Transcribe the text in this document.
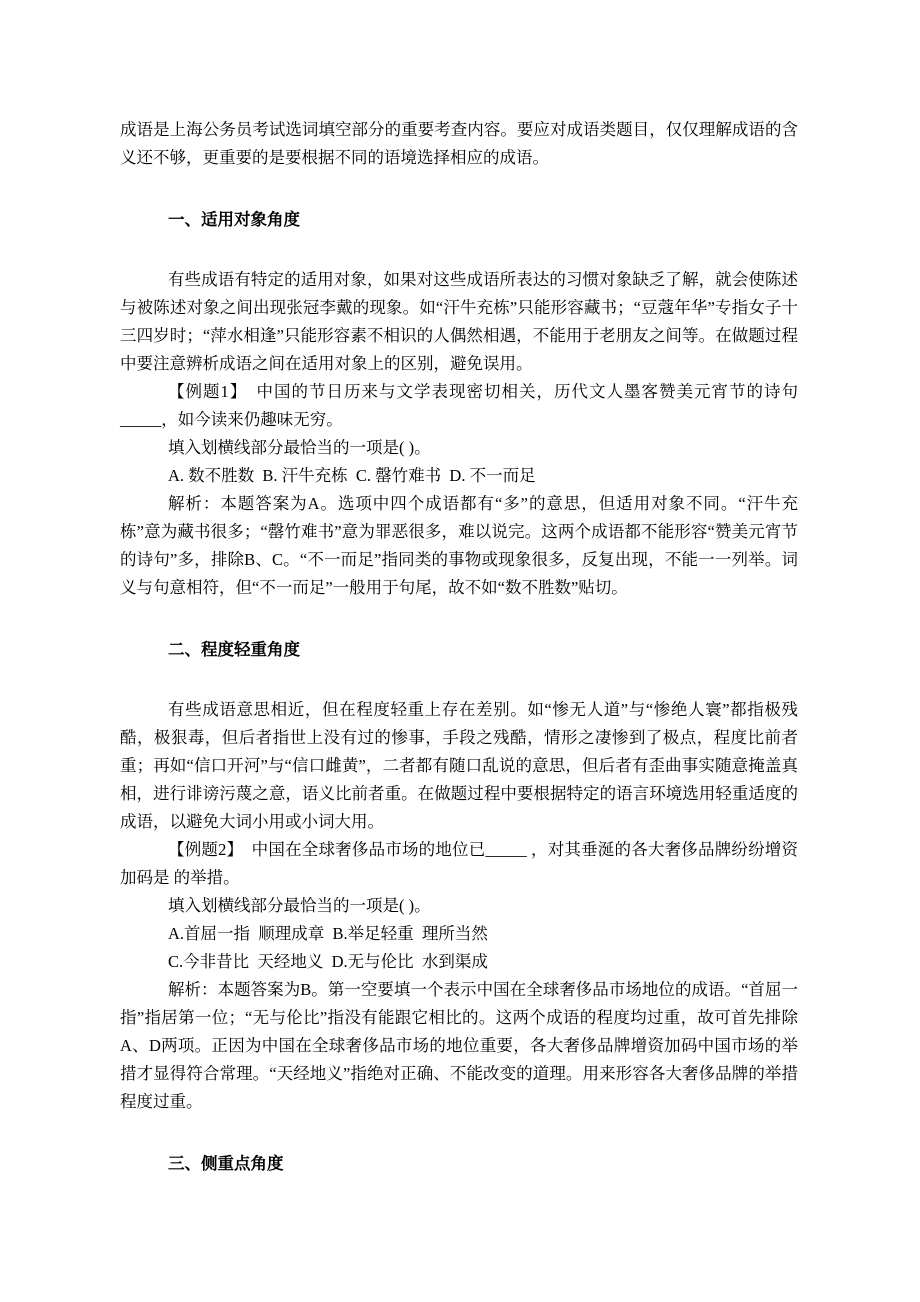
成语是上海公务员考试选词填空部分的重要考查内容。要应对成语类题目，仅仅理解成语的含义还不够，更重要的是要根据不同的语境选择相应的成语。

一、适用对象角度

有些成语有特定的适用对象，如果对这些成语所表达的习惯对象缺乏了解，就会使陈述与被陈述对象之间出现张冠李戴的现象。如“汗牛充栋”只能形容藏书；“豆蔻年华”专指女子十三四岁时；“萍水相逢”只能形容素不相识的人偶然相遇，不能用于老朋友之间等。在做题过程中要注意辨析成语之间在适用对象上的区别，避免误用。

【例题1】　中国的节日历来与文学表现密切相关，历代文人墨客赞美元宵节的诗句_____，如今读来仍趣味无穷。

填入划横线部分最恰当的一项是( )。

A. 数不胜数  B. 汗牛充栋  C. 罄竹难书  D. 不一而足

解析：本题答案为A。选项中四个成语都有“多”的意思，但适用对象不同。“汗牛充栋”意为藏书很多；“罄竹难书”意为罪恶很多，难以说完。这两个成语都不能形容“赞美元宵节的诗句”多，排除B、C。“不一而足”指同类的事物或现象很多，反复出现，不能一一列举。词义与句意相符，但“不一而足”一般用于句尾，故不如“数不胜数”贴切。

二、程度轻重角度

有些成语意思相近，但在程度轻重上存在差别。如“惨无人道”与“惨绝人寰”都指极残酷，极狠毒，但后者指世上没有过的惨事，手段之残酷，情形之凄惨到了极点，程度比前者重；再如“信口开河”与“信口雌黄”，二者都有随口乱说的意思，但后者有歪曲事实随意掩盖真相，进行诽谤污蔑之意，语义比前者重。在做题过程中要根据特定的语言环境选用轻重适度的成语，以避免大词小用或小词大用。

【例题2】　中国在全球奢侈品市场的地位已_____ ，对其垂涎的各大奢侈品牌纷纷增资加码是 的举措。

填入划横线部分最恰当的一项是( )。

A.首屈一指  顺理成章  B.举足轻重  理所当然

C.今非昔比  天经地义  D.无与伦比  水到渠成

解析：本题答案为B。第一空要填一个表示中国在全球奢侈品市场地位的成语。“首屈一指”指居第一位；“无与伦比”指没有能跟它相比的。这两个成语的程度均过重，故可首先排除A、D两项。正因为中国在全球奢侈品市场的地位重要，各大奢侈品牌增资加码中国市场的举措才显得符合常理。“天经地义”指绝对正确、不能改变的道理。用来形容各大奢侈品牌的举措程度过重。

三、侧重点角度
